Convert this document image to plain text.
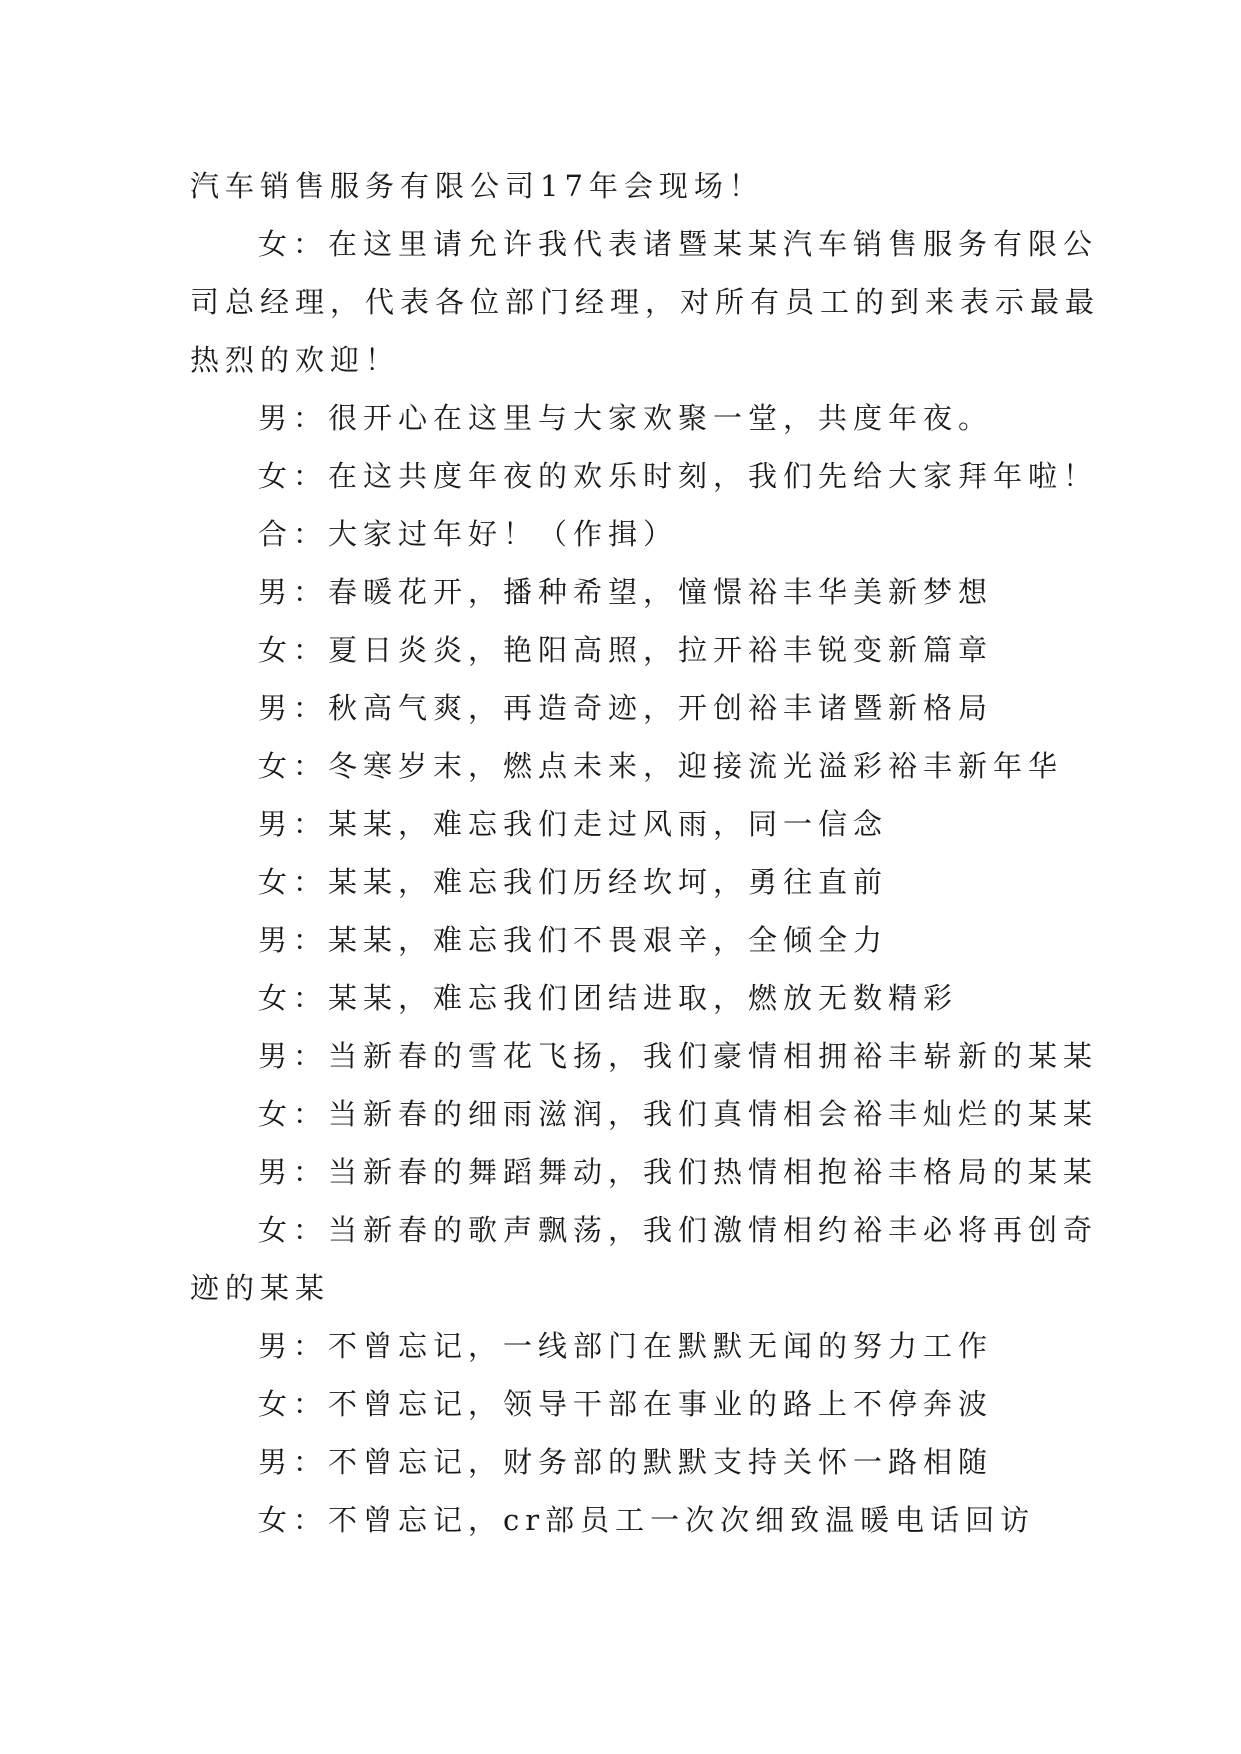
汽车销售服务有限公司17年会现场！
女：在这里请允许我代表诸暨某某汽车销售服务有限公
司总经理，代表各位部门经理，对所有员工的到来表示最最
热烈的欢迎！
男：很开心在这里与大家欢聚一堂，共度年夜。
女：在这共度年夜的欢乐时刻，我们先给大家拜年啦！
合：大家过年好！（作揖）
男：春暖花开，播种希望，憧憬裕丰华美新梦想
女：夏日炎炎，艳阳高照，拉开裕丰锐变新篇章
男：秋高气爽，再造奇迹，开创裕丰诸暨新格局
女：冬寒岁末，燃点未来，迎接流光溢彩裕丰新年华
男：某某，难忘我们走过风雨，同一信念
女：某某，难忘我们历经坎坷，勇往直前
男：某某，难忘我们不畏艰辛，全倾全力
女：某某，难忘我们团结进取，燃放无数精彩
男：当新春的雪花飞扬，我们豪情相拥裕丰崭新的某某
女：当新春的细雨滋润，我们真情相会裕丰灿烂的某某
男：当新春的舞蹈舞动，我们热情相抱裕丰格局的某某
女：当新春的歌声飘荡，我们激情相约裕丰必将再创奇
迹的某某
男：不曾忘记，一线部门在默默无闻的努力工作
女：不曾忘记，领导干部在事业的路上不停奔波
男：不曾忘记，财务部的默默支持关怀一路相随
女：不曾忘记，cr部员工一次次细致温暖电话回访
